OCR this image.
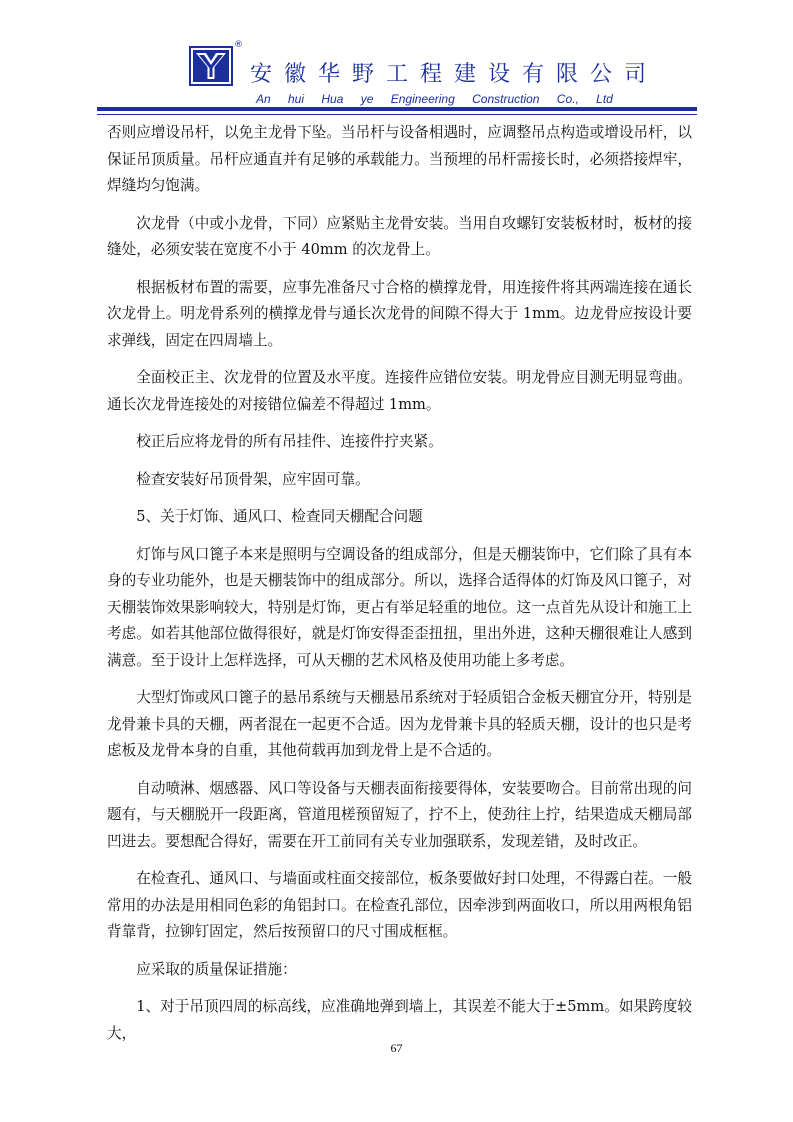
®
安徽华野工程建设有限公司
An hui Hua ye Engineering Construction Co., Ltd

否则应增设吊杆，以免主龙骨下坠。当吊杆与设备相遇时，应调整吊点构造或增设吊杆，以保证吊顶质量。吊杆应通直并有足够的承载能力。当预埋的吊杆需接长时，必须搭接焊牢，焊缝均匀饱满。

次龙骨（中或小龙骨，下同）应紧贴主龙骨安装。当用自攻螺钉安装板材时，板材的接缝处，必须安装在宽度不小于 40mm 的次龙骨上。

根据板材布置的需要，应事先准备尺寸合格的横撑龙骨，用连接件将其两端连接在通长次龙骨上。明龙骨系列的横撑龙骨与通长次龙骨的间隙不得大于 1mm。边龙骨应按设计要求弹线，固定在四周墙上。

全面校正主、次龙骨的位置及水平度。连接件应错位安装。明龙骨应目测无明显弯曲。通长次龙骨连接处的对接错位偏差不得超过 1mm。

校正后应将龙骨的所有吊挂件、连接件拧夹紧。

检查安装好吊顶骨架，应牢固可靠。

5、关于灯饰、通风口、检查同天棚配合问题

灯饰与风口篦子本来是照明与空调设备的组成部分，但是天棚装饰中，它们除了具有本身的专业功能外，也是天棚装饰中的组成部分。所以，选择合适得体的灯饰及风口篦子，对天棚装饰效果影响较大，特别是灯饰，更占有举足轻重的地位。这一点首先从设计和施工上考虑。如若其他部位做得很好，就是灯饰安得歪歪扭扭，里出外进，这种天棚很难让人感到满意。至于设计上怎样选择，可从天棚的艺术风格及使用功能上多考虑。

大型灯饰或风口篦子的悬吊系统与天棚悬吊系统对于轻质铝合金板天棚宜分开，特别是龙骨兼卡具的天棚，两者混在一起更不合适。因为龙骨兼卡具的轻质天棚，设计的也只是考虑板及龙骨本身的自重，其他荷载再加到龙骨上是不合适的。

自动喷淋、烟感器、风口等设备与天棚表面衔接要得体，安装要吻合。目前常出现的问题有，与天棚脱开一段距离，管道甩槎预留短了，拧不上，使劲往上拧，结果造成天棚局部凹进去。要想配合得好，需要在开工前同有关专业加强联系，发现差错，及时改正。

在检查孔、通风口、与墙面或柱面交接部位，板条要做好封口处理，不得露白茬。一般常用的办法是用相同色彩的角铝封口。在检查孔部位，因牵涉到两面收口，所以用两根角铝背靠背，拉铆钉固定，然后按预留口的尺寸围成框框。

应采取的质量保证措施：

1、对于吊顶四周的标高线，应准确地弹到墙上，其误差不能大于±5mm。如果跨度较大，

67
